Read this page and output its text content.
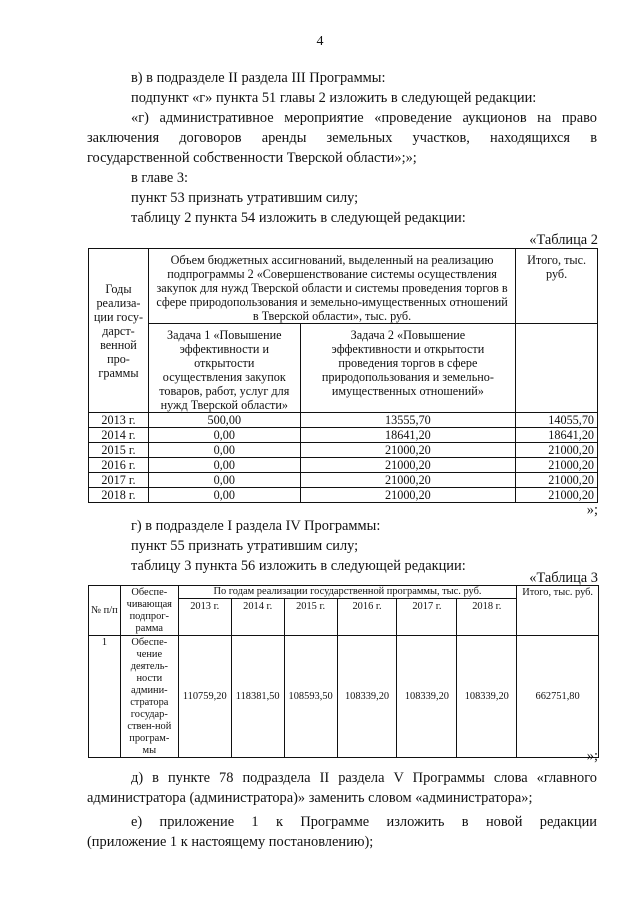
4
в) в подразделе II раздела III Программы:
подпункт «г» пункта 51 главы 2 изложить в следующей редакции:
«г) административное мероприятие «проведение аукционов на право
заключения договоров аренды земельных участков, находящихся в
государственной собственности Тверской области»;»;
в главе 3:
пункт 53 признать утратившим силу;
таблицу 2 пункта 54 изложить в следующей редакции:
«Таблица 2
Годы реализа-ции госу-дарст-венной про-граммы	Объем бюджетных ассигнований, выделенный на реализацию подпрограммы 2 «Совершенствование системы осуществления закупок для нужд Тверской области и системы проведения торгов в сфере природопользования и земельно-имущественных отношений в Тверской области», тыс. руб.		Итого, тыс. руб.
	Задача 1 «Повышение эффективности и открытости осуществления закупок товаров, работ, услуг для нужд Тверской области»	Задача 2 «Повышение эффективности и открытости проведения торгов в сфере природопользования и земельно-имущественных отношений»	
2013 г.	500,00	13555,70	14055,70
2014 г.	0,00	18641,20	18641,20
2015 г.	0,00	21000,20	21000,20
2016 г.	0,00	21000,20	21000,20
2017 г.	0,00	21000,20	21000,20
2018 г.	0,00	21000,20	21000,20
»;
г) в подразделе I раздела IV Программы:
пункт 55 признать утратившим силу;
таблицу 3 пункта 56 изложить в следующей редакции:
«Таблица 3
№ п/п	Обеспе-чивающая подпрог-рамма	По годам реализации государственной программы, тыс. руб.						Итого, тыс. руб.
		2013 г.	2014 г.	2015 г.	2016 г.	2017 г.	2018 г.	
1	Обеспе-чение деятель-ности админи-стратора государ-ствен-ной програм-мы	110759,20	118381,50	108593,50	108339,20	108339,20	108339,20	662751,80
»;
д) в пункте 78 подраздела II раздела V Программы слова «главного
администратора (администратора)» заменить словом «администратора»;
е) приложение 1 к Программе изложить в новой редакции
(приложение 1 к настоящему постановлению);
